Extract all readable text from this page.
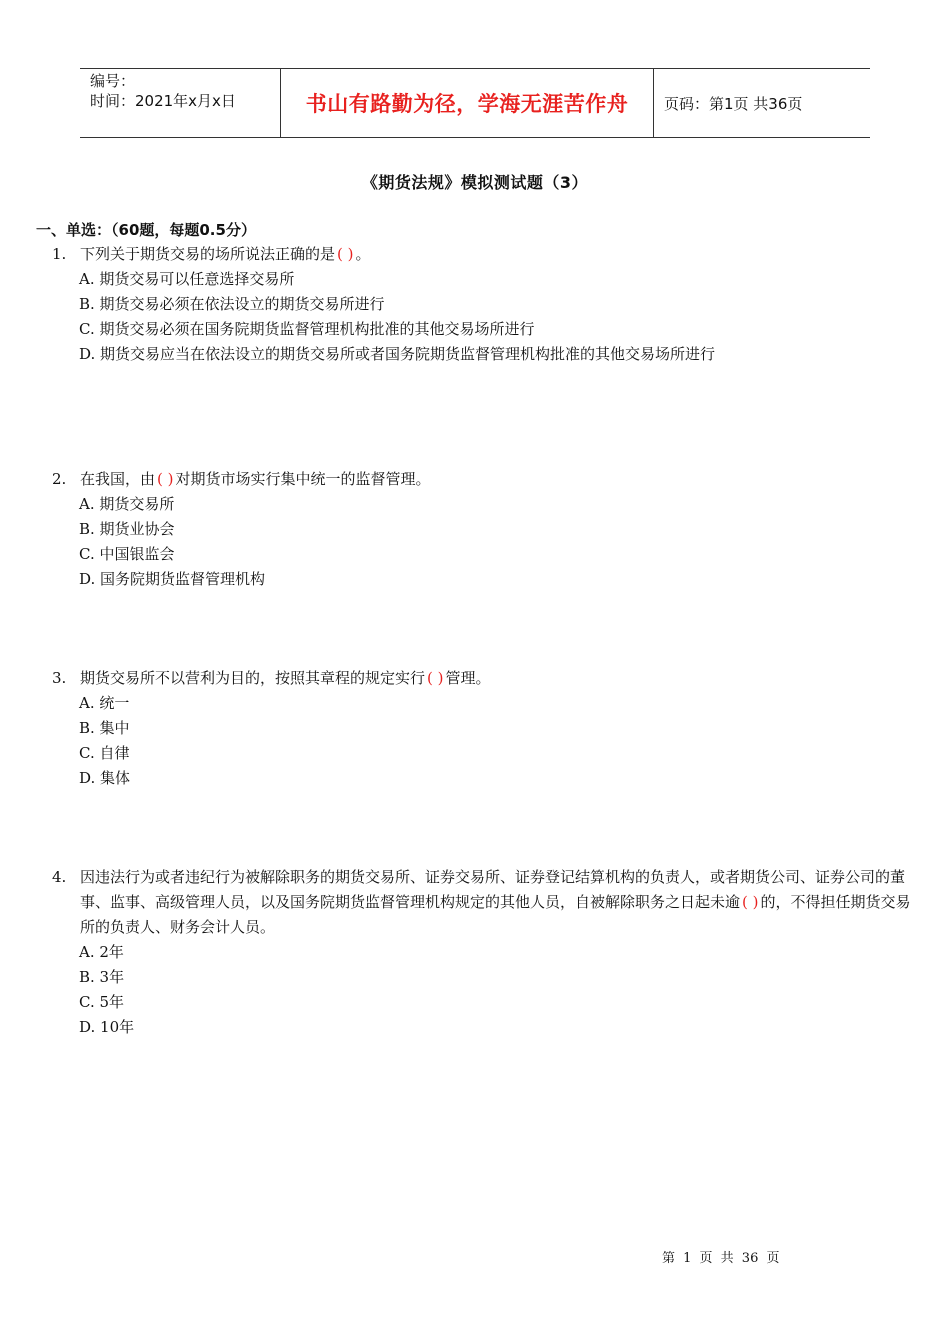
编号：
时间：2021年x月x日	书山有路勤为径，学海无涯苦作舟 页码：第1页 共36页
《期货法规》模拟测试题（3）
一、单选：（60题，每题0.5分）
1. 下列关于期货交易的场所说法正确的是 ( ) 。
A. 期货交易可以任意选择交易所
B. 期货交易必须在依法设立的期货交易所进行
C. 期货交易必须在国务院期货监督管理机构批准的其他交易场所进行
D. 期货交易应当在依法设立的期货交易所或者国务院期货监督管理机构批准的其他交易场所进行
2. 在我国，由 ( ) 对期货市场实行集中统一的监督管理。
A. 期货交易所
B. 期货业协会
C. 中国银监会
D. 国务院期货监督管理机构
3. 期货交易所不以营利为目的，按照其章程的规定实行 ( ) 管理。
A. 统一
B. 集中
C. 自律
D. 集体
4. 因违法行为或者违纪行为被解除职务的期货交易所、证券交易所、证券登记结算机构的负责人，或者期货公司、证券公司的董事、监事、高级管理人员，以及国务院期货监督管理机构规定的其他人员，自被解除职务之日起未逾 ( ) 的，不得担任期货交易所的负责人、财务会计人员。
A. 2年
B. 3年
C. 5年
D. 10年
第 1 页 共 36 页
